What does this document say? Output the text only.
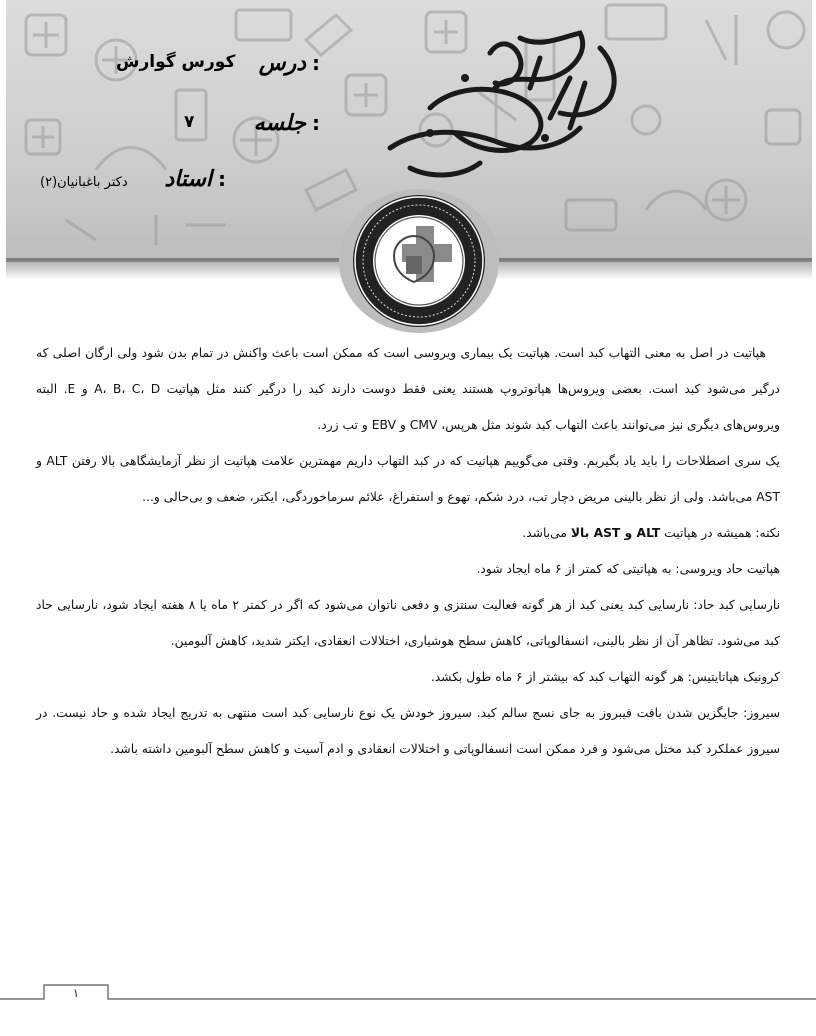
درس :
کورس گوارش
جلسه :
۷
استاد :
دکتر باغبانیان(۲)

هپاتیت در اصل به معنی التهاب کبد است. هپاتیت یک بیماری ویروسی است که ممکن است باعث واکنش در تمام بدن شود ولی ارگان اصلی که درگیر می‌شود کبد است. بعضی ویروس‌ها هپاتوتروپ هستند یعنی فقط دوست دارند کبد را درگیر کنند مثل هپاتیت A، B، C، D و E. البته ویروس‌های دیگری نیز می‌توانند باعث التهاب کبد شوند مثل هرپس، CMV و EBV و تب زرد.

یک سری اصطلاحات را باید یاد بگیریم. وقتی می‌گوییم هپاتیت که در کبد التهاب داریم مهمترین علامت هپاتیت از نظر آزمایشگاهی بالا رفتن ALT و AST می‌باشد. ولی از نظر بالینی مریض دچار تب، درد شکم، تهوع و استفراغ، علائم سرماخوردگی، ایکتر، ضعف و بی‌حالی و...

نکته: همیشه در هپاتیت ALT و AST بالا می‌باشد.

هپاتیت حاد ویروسی: به هپاتیتی که کمتر از ۶ ماه ایجاد شود.

نارسایی کبد حاد: نارسایی کبد یعنی کبد از هر گونه فعالیت سنتزی و دفعی ناتوان می‌شود که اگر در کمتر ۲ ماه یا ۸ هفته ایجاد شود، نارسایی حاد کبد می‌شود. تظاهر آن از نظر بالینی، انسفالوپاتی، کاهش سطح هوشیاری، اختلالات انعقادی، ایکتر شدید، کاهش آلبومین.

کرونیک هپاتایتیس: هر گونه التهاب کبد که بیشتر از ۶ ماه طول بکشد.

سیروز: جایگزین شدن بافت فیبروز به جای نسج سالم کبد. سیروز خودش یک نوع نارسایی کبد است منتهی به تدریج ایجاد شده و حاد نیست. در سیروز عملکرد کبد مختل می‌شود و فرد ممکن است انسفالوپاتی و اختلالات انعقادی و ادم آسیت و کاهش سطح آلبومین داشته باشد.

۱
